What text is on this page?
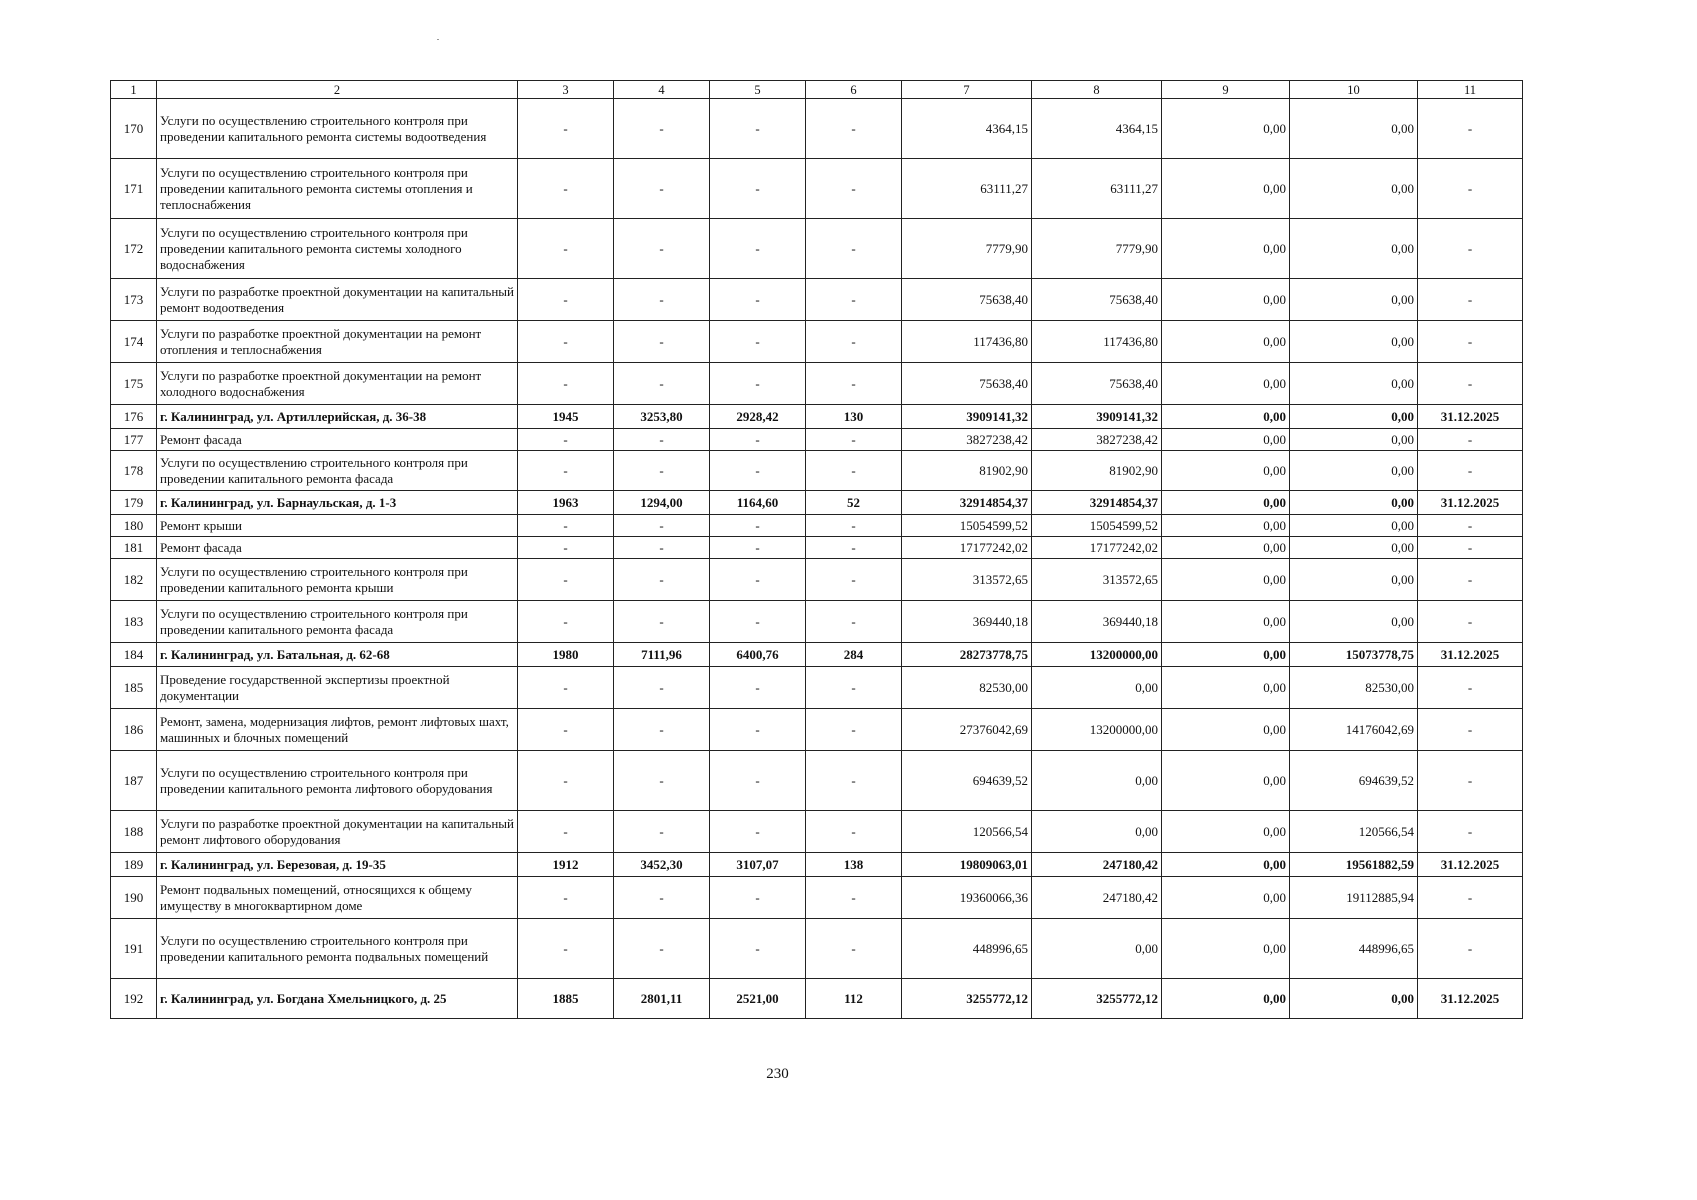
1	2	3	4	5	6	7	8	9	10	11
170	Услуги по осуществлению строительного контроля при проведении капитального ремонта системы водоотведения	-	-	-	-	4364,15	4364,15	0,00	0,00	-
171	Услуги по осуществлению строительного контроля при проведении капитального ремонта системы отопления и теплоснабжения	-	-	-	-	63111,27	63111,27	0,00	0,00	-
172	Услуги по осуществлению строительного контроля при проведении капитального ремонта системы холодного водоснабжения	-	-	-	-	7779,90	7779,90	0,00	0,00	-
173	Услуги по разработке проектной документации на капитальный ремонт водоотведения	-	-	-	-	75638,40	75638,40	0,00	0,00	-
174	Услуги по разработке проектной документации на ремонт отопления и теплоснабжения	-	-	-	-	117436,80	117436,80	0,00	0,00	-
175	Услуги по разработке проектной документации на ремонт холодного водоснабжения	-	-	-	-	75638,40	75638,40	0,00	0,00	-
176	г. Калининград, ул. Артиллерийская, д. 36-38	1945	3253,80	2928,42	130	3909141,32	3909141,32	0,00	0,00	31.12.2025
177	Ремонт фасада	-	-	-	-	3827238,42	3827238,42	0,00	0,00	-
178	Услуги по осуществлению строительного контроля при проведении капитального ремонта фасада	-	-	-	-	81902,90	81902,90	0,00	0,00	-
179	г. Калининград, ул. Барнаульская, д. 1-3	1963	1294,00	1164,60	52	32914854,37	32914854,37	0,00	0,00	31.12.2025
180	Ремонт крыши	-	-	-	-	15054599,52	15054599,52	0,00	0,00	-
181	Ремонт фасада	-	-	-	-	17177242,02	17177242,02	0,00	0,00	-
182	Услуги по осуществлению строительного контроля при проведении капитального ремонта крыши	-	-	-	-	313572,65	313572,65	0,00	0,00	-
183	Услуги по осуществлению строительного контроля при проведении капитального ремонта фасада	-	-	-	-	369440,18	369440,18	0,00	0,00	-
184	г. Калининград, ул. Батальная, д. 62-68	1980	7111,96	6400,76	284	28273778,75	13200000,00	0,00	15073778,75	31.12.2025
185	Проведение государственной экспертизы проектной документации	-	-	-	-	82530,00	0,00	0,00	82530,00	-
186	Ремонт, замена, модернизация лифтов, ремонт лифтовых шахт, машинных и блочных помещений	-	-	-	-	27376042,69	13200000,00	0,00	14176042,69	-
187	Услуги по осуществлению строительного контроля при проведении капитального ремонта лифтового оборудования	-	-	-	-	694639,52	0,00	0,00	694639,52	-
188	Услуги по разработке проектной документации на капитальный ремонт лифтового оборудования	-	-	-	-	120566,54	0,00	0,00	120566,54	-
189	г. Калининград, ул. Березовая, д. 19-35	1912	3452,30	3107,07	138	19809063,01	247180,42	0,00	19561882,59	31.12.2025
190	Ремонт подвальных помещений, относящихся к общему имуществу в многоквартирном доме	-	-	-	-	19360066,36	247180,42	0,00	19112885,94	-
191	Услуги по осуществлению строительного контроля при проведении капитального ремонта подвальных помещений	-	-	-	-	448996,65	0,00	0,00	448996,65	-
192	г. Калининград, ул. Богдана Хмельницкого, д. 25	1885	2801,11	2521,00	112	3255772,12	3255772,12	0,00	0,00	31.12.2025
230
